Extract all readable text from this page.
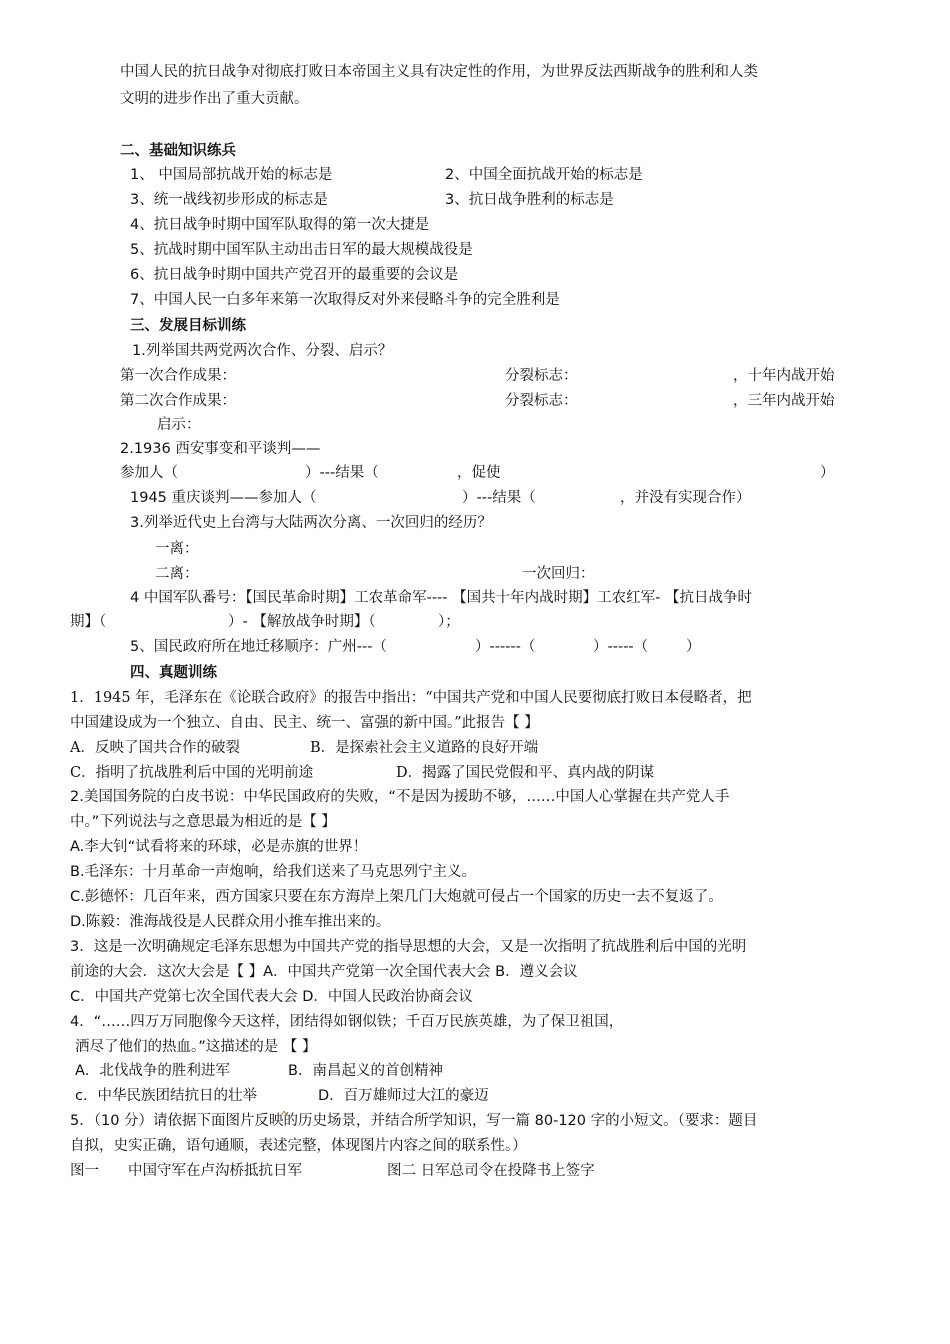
中国人民的抗日战争对彻底打败日本帝国主义具有决定性的作用，为世界反法西斯战争的胜利和人类
文明的进步作出了重大贡献。
二、基础知识练兵
1、 中国局部抗战开始的标志是	2、中国全面抗战开始的标志是
3、统一战线初步形成的标志是	3、抗日战争胜利的标志是
4、抗日战争时期中国军队取得的第一次大捷是
5、抗战时期中国军队主动出击日军的最大规模战役是
6、抗日战争时期中国共产党召开的最重要的会议是
7、中国人民一白多年来第一次取得反对外来侵略斗争的完全胜利是
三、发展目标训练
1.列举国共两党两次合作、分裂、启示？
第一次合作成果：	分裂标志：	，十年内战开始
第二次合作成果：	分裂标志：	，三年内战开始
启示：
2.1936 西安事变和平谈判——
参加人（	）---结果（	，促使	）
1945 重庆谈判——参加人（	）---结果（	，并没有实现合作）
3.列举近代史上台湾与大陆两次分离、一次回归的经历？
一离：
二离：	一次回归：
4 中国军队番号：【国民革命时期】工农革命军---- 【国共十年内战时期】工农红军- 【抗日战争时
期】（	）- 【解放战争时期】（	）；
5、国民政府所在地迁移顺序：广州---（	）------（	）-----（	）
四、真题训练
1．1945 年，毛泽东在《论联合政府》的报告中指出：“中国共产党和中国人民要彻底打败日本侵略者，把
中国建设成为一个独立、自由、民主、统一、富强的新中国。”此报告【 】
A．反映了国共合作的破裂	B．是探索社会主义道路的良好开端
C．指明了抗战胜利后中国的光明前途	D．揭露了国民党假和平、真内战的阴谋
2.美国国务院的白皮书说：中华民国政府的失败，“不是因为援助不够，……中国人心掌握在共产党人手
中。”下列说法与之意思最为相近的是【 】
A.李大钊“试看将来的环球，必是赤旗的世界！
B.毛泽东：十月革命一声炮响，给我们送来了马克思列宁主义。
C.彭德怀：几百年来，西方国家只要在东方海岸上架几门大炮就可侵占一个国家的历史一去不复返了。
D.陈毅：淮海战役是人民群众用小推车推出来的。
3．这是一次明确规定毛泽东思想为中国共产党的指导思想的大会，又是一次指明了抗战胜利后中国的光明
前途的大会．这次大会是【 】A．中国共产党第一次全国代表大会 B．遵义会议
C．中国共产党第七次全国代表大会 D．中国人民政治协商会议
4．“……四万万同胞像今天这样，团结得如钢似铁；千百万民族英雄，为了保卫祖国，
洒尽了他们的热血。”这描述的是 【 】
A．北伐战争的胜利进军	B．南昌起义的首创精神
c．中华民族团结抗日的壮举	D．百万雄师过大江的豪迈
5．（10 分）请依据下面图片反映的历史场景，并结合所学知识，写一篇 80-120 字的小短文。（要求：题目
自拟，史实正确，语句通顺，表述完整，体现图片内容之间的联系性。）
图一 中国守军在卢沟桥抵抗日军	图二 日军总司令在投降书上签字
